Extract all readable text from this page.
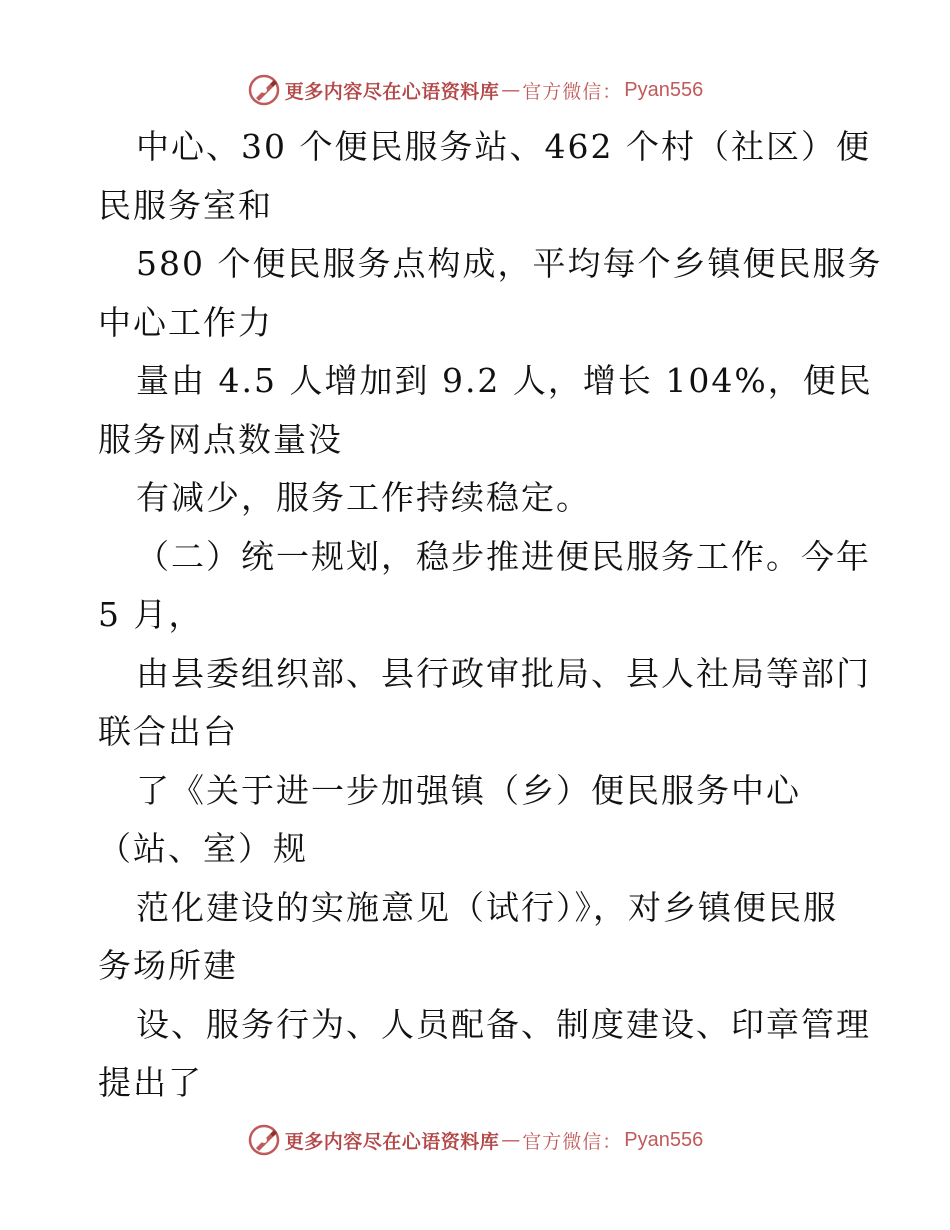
更多内容尽在心语资料库 — 官方微信： Pyan556
中心、30 个便民服务站、462 个村（社区）便
民服务室和
580 个便民服务点构成，平均每个乡镇便民服务
中心工作力
量由 4.5 人增加到 9.2 人，增长 104%，便民
服务网点数量没
有减少，服务工作持续稳定。
（二）统一规划，稳步推进便民服务工作。今年
5 月，
由县委组织部、县行政审批局、县人社局等部门
联合出台
了《关于进一步加强镇（乡）便民服务中心
（站、室）规
范化建设的实施意见（试行）》，对乡镇便民服
务场所建
设、服务行为、人员配备、制度建设、印章管理
提出了
更多内容尽在心语资料库 — 官方微信： Pyan556
